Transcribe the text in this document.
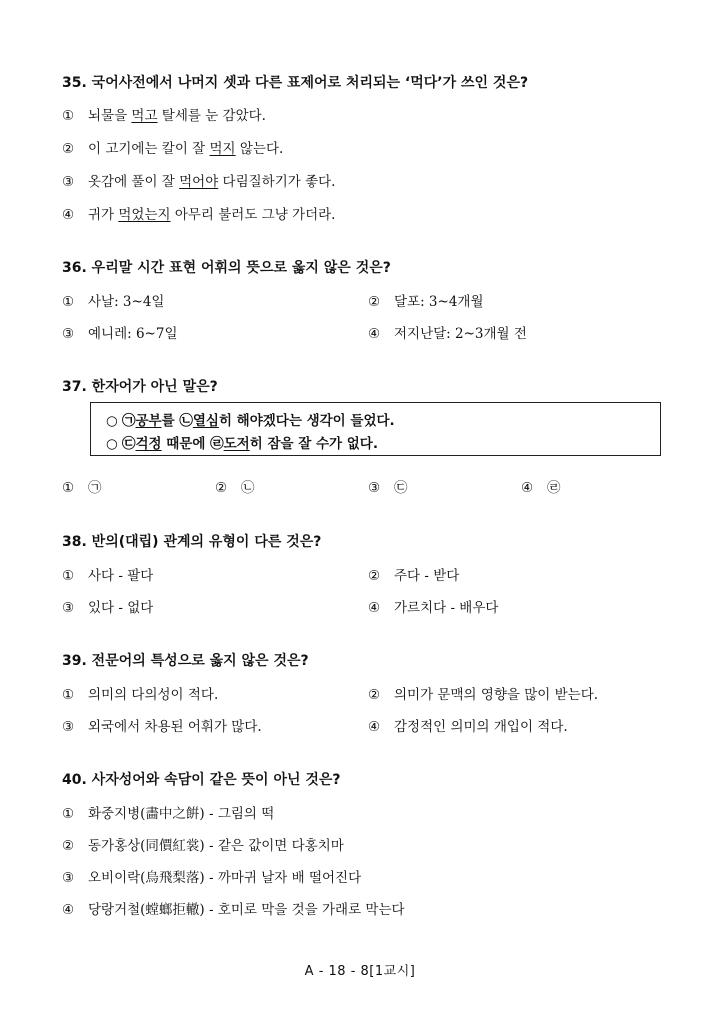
35. 국어사전에서 나머지 셋과 다른 표제어로 처리되는 ‘먹다’가 쓰인 것은?
① 뇌물을 먹고 탈세를 눈 감았다.
② 이 고기에는 칼이 잘 먹지 않는다.
③ 옷감에 풀이 잘 먹어야 다림질하기가 좋다.
④ 귀가 먹었는지 아무리 불러도 그냥 가더라.
36. 우리말 시간 표현 어휘의 뜻으로 옳지 않은 것은?
① 사날: 3~4일	② 달포: 3~4개월
③ 예니레: 6~7일	④ 저지난달: 2~3개월 전
37. 한자어가 아닌 말은?
○ ㉠공부를 ㉡열심히 해야겠다는 생각이 들었다.
○ ㉢걱정 때문에 ㉣도저히 잠을 잘 수가 없다.
① ㉠	② ㉡	③ ㉢	④ ㉣
38. 반의(대립) 관계의 유형이 다른 것은?
① 사다 - 팔다	② 주다 - 받다
③ 있다 - 없다	④ 가르치다 - 배우다
39. 전문어의 특성으로 옳지 않은 것은?
① 의미의 다의성이 적다.	② 의미가 문맥의 영향을 많이 받는다.
③ 외국에서 차용된 어휘가 많다.	④ 감정적인 의미의 개입이 적다.
40. 사자성어와 속담이 같은 뜻이 아닌 것은?
① 화중지병(畵中之餠) - 그림의 떡
② 동가홍상(同價紅裳) - 같은 값이면 다홍치마
③ 오비이락(烏飛梨落) - 까마귀 날자 배 떨어진다
④ 당랑거철(螳螂拒轍) - 호미로 막을 것을 가래로 막는다
A - 18 - 8[1교시]
